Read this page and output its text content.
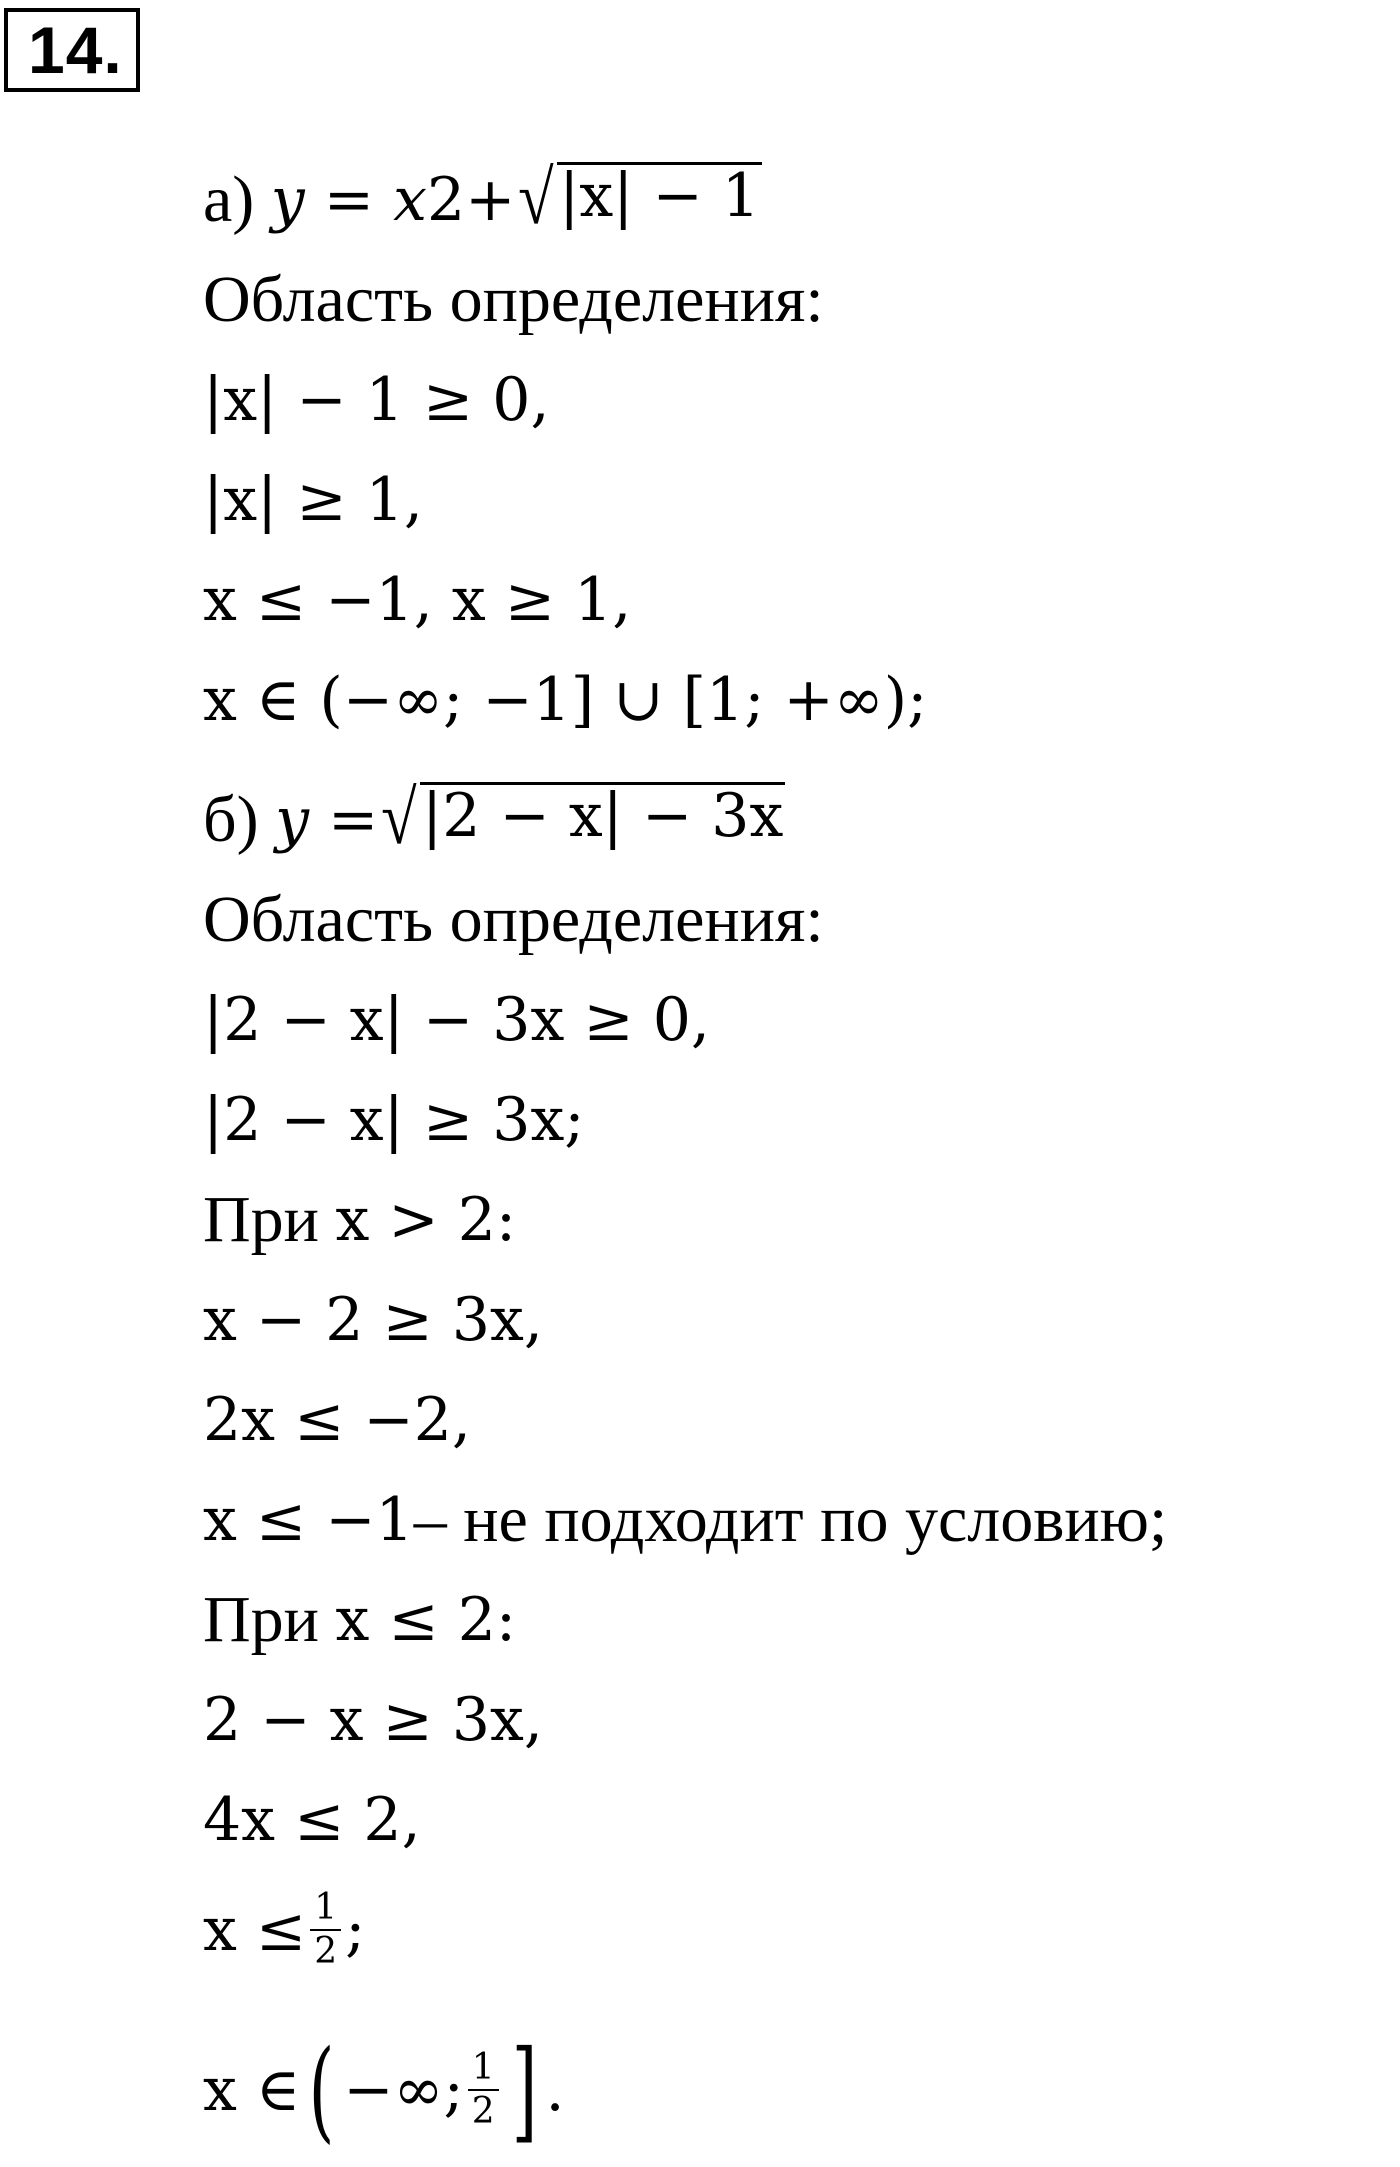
14.
а)
y = x 2 + √ |x| − 1
Область определения:
|x| − 1 ≥ 0,
|x| ≥ 1,
x ≤ −1, x ≥ 1,
x ∈ (−∞; −1] ∪ [1; +∞);
б)
y = √ |2 − x| − 3x
Область определения:
|2 − x| − 3x ≥ 0,
|2 − x| ≥ 3x;
При
x > 2:
x − 2 ≥ 3x,
2x ≤ −2,
x ≤ −1 – не подходит по условию;
При
x ≤ 2:
2 − x ≥ 3x,
4x ≤ 2,
$x \le \frac{1}{2}$ ;
x ∈ ( −∞; $\frac{1}{2}$ ] .
